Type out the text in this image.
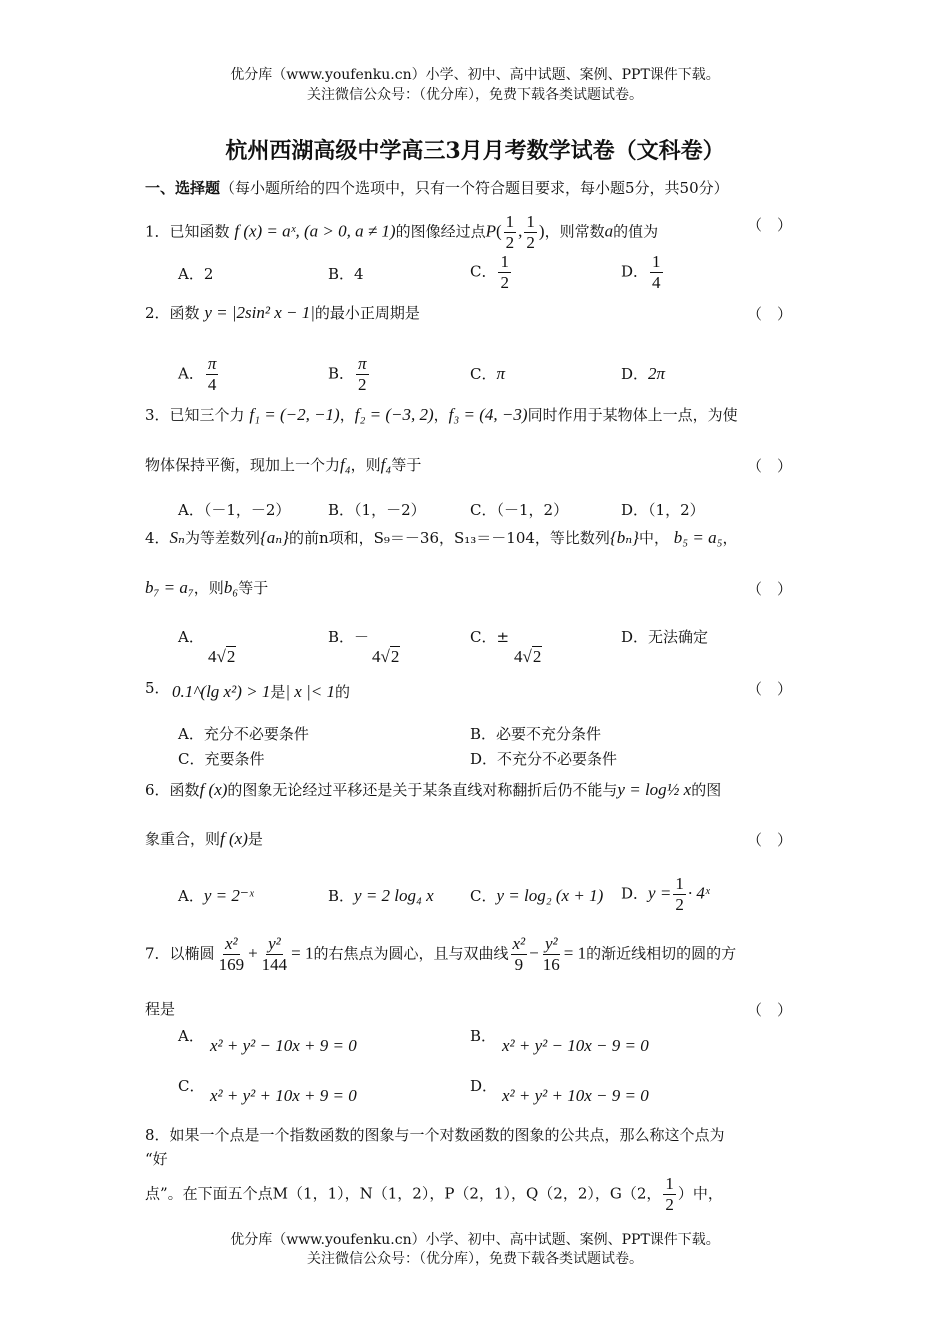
优分库（www.youfenku.cn）小学、初中、高中试题、案例、PPT课件下载。
关注微信公众号：（优分库），免费下载各类试题试卷。
杭州西湖高级中学高三3月月考数学试卷（文科卷）
一、选择题（每小题所给的四个选项中，只有一个符合题目要求，每小题5分，共50分）
1．已知函数 f (x) = aˣ, (a > 0, a ≠ 1)的图像经过点$P( \frac{1}{2}$ , $\frac{1}{2}$ )，则常数a的值为	（　）
A．2	B．4	C． $\frac{1}{2}$	D． $\frac{1}{4}$
2．函数 y = |2sin² x − 1|的最小正周期是	（　）
A． $\frac{\pi}{4}$	B． $\frac{\pi}{2}$	C．π	D．2π
3．已知三个力 f₁ = (−2, −1)，f₂ = (−3, 2)，f₃ = (4, −3)同时作用于某物体上一点，为使
物体保持平衡，现加上一个力f₄，则f₄等于	（　）
A．（－1，－2）	B．（1，－2）	C．（－1，2）	D．（1，2）
4．Sₙ为等差数列{aₙ}的前n项和，S₉＝－36，S₁₃＝－104，等比数列{bₙ}中， b₅ = a₅，
b₇ = a₇，则b₆等于	（　）
A．
4√2
B．－
4√2
C．±
4√2
D．无法确定
5． 0.1^(lg x²) > 1是| x |< 1的	（　）
A．充分不必要条件	B．必要不充分条件
C．充要条件	D．不充分不必要条件
6．函数f (x)的图象无论经过平移还是关于某条直线对称翻折后仍不能与y = log½ x的图
象重合，则f (x)是	（　）
A．y = 2⁻ˣ	B．y = 2 log₄ x C．y = log₂ (x + 1) D．$y = \frac{1}{2}$ · 4ˣ
7．以椭圆 $\frac{\text{x²}}{169} + \frac{\text{y²}}{144} = 1$的右焦点为圆心，且与双曲线 $\frac{\text{x²}}{9} - \frac{\text{y²}}{16} = 1$的渐近线相切的圆的方
程是	（　）
A． x² + y² − 10x + 9 = 0	B． x² + y² − 10x − 9 = 0
C． x² + y² + 10x + 9 = 0	D． x² + y² + 10x − 9 = 0
8．如果一个点是一个指数函数的图象与一个对数函数的图象的公共点，那么称这个点为
“好
点”。在下面五个点M（1，1），N（1，2），P（2，1），Q（2，2），G（2， $\frac{1}{2}$ ）中，
优分库（www.youfenku.cn）小学、初中、高中试题、案例、PPT课件下载。
关注微信公众号：（优分库），免费下载各类试题试卷。
